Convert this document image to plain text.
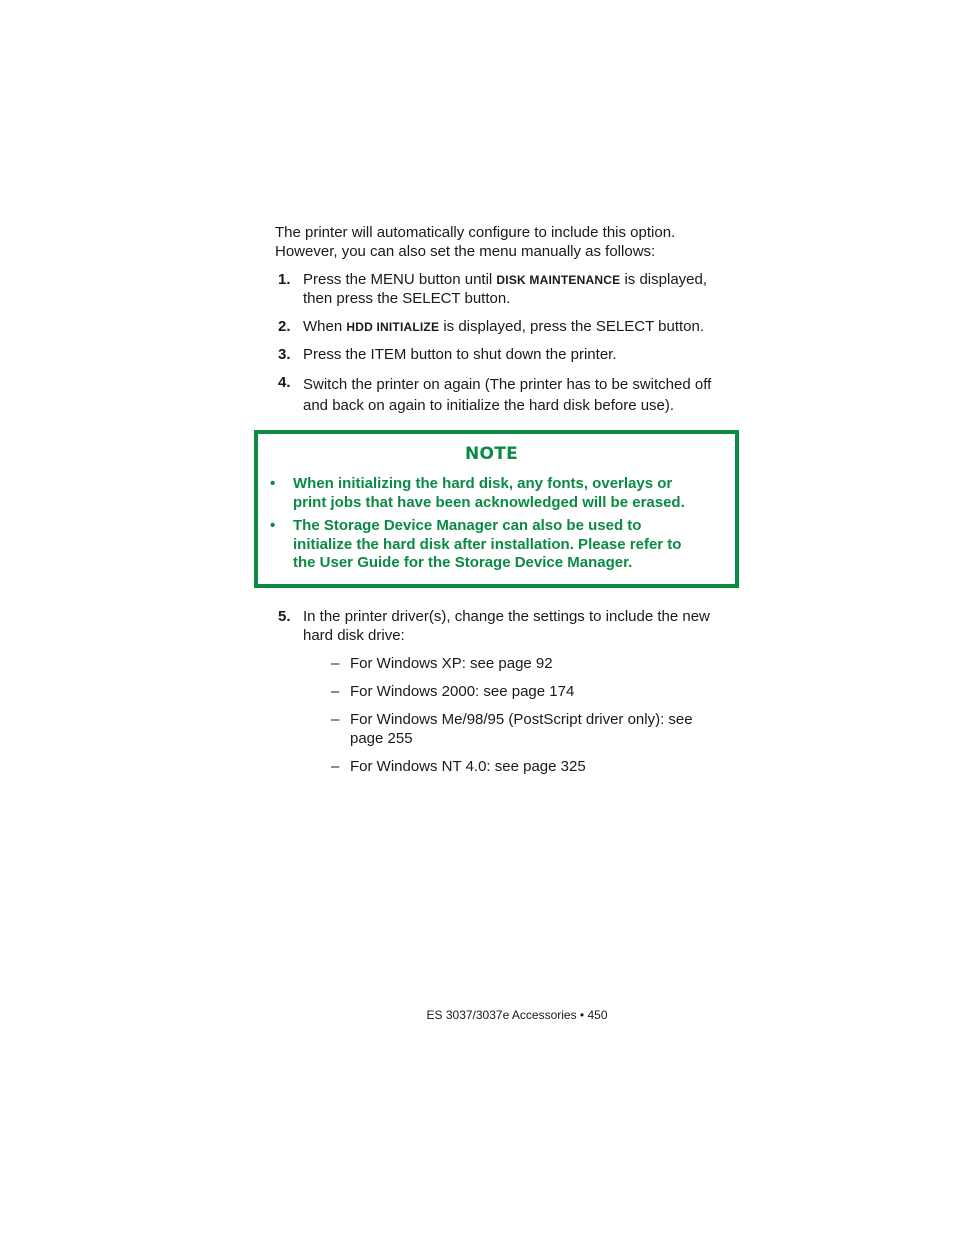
The printer will automatically configure to include this option.
However, you can also set the menu manually as follows:

1. Press the MENU button until DISK MAINTENANCE is displayed,
then press the SELECT button.
2. When HDD INITIALIZE is displayed, press the SELECT button.
3. Press the ITEM button to shut down the printer.
4. Switch the printer on again (The printer has to be switched off
and back on again to initialize the hard disk before use).
NOTE
• When initializing the hard disk, any fonts, overlays or
print jobs that have been acknowledged will be erased.
• The Storage Device Manager can also be used to
initialize the hard disk after installation. Please refer to
the User Guide for the Storage Device Manager.
5. In the printer driver(s), change the settings to include the new
hard disk drive:
– For Windows XP: see page 92
– For Windows 2000: see page 174
– For Windows Me/98/95 (PostScript driver only): see
page 255
– For Windows NT 4.0: see page 325
ES 3037/3037e Accessories • 450
